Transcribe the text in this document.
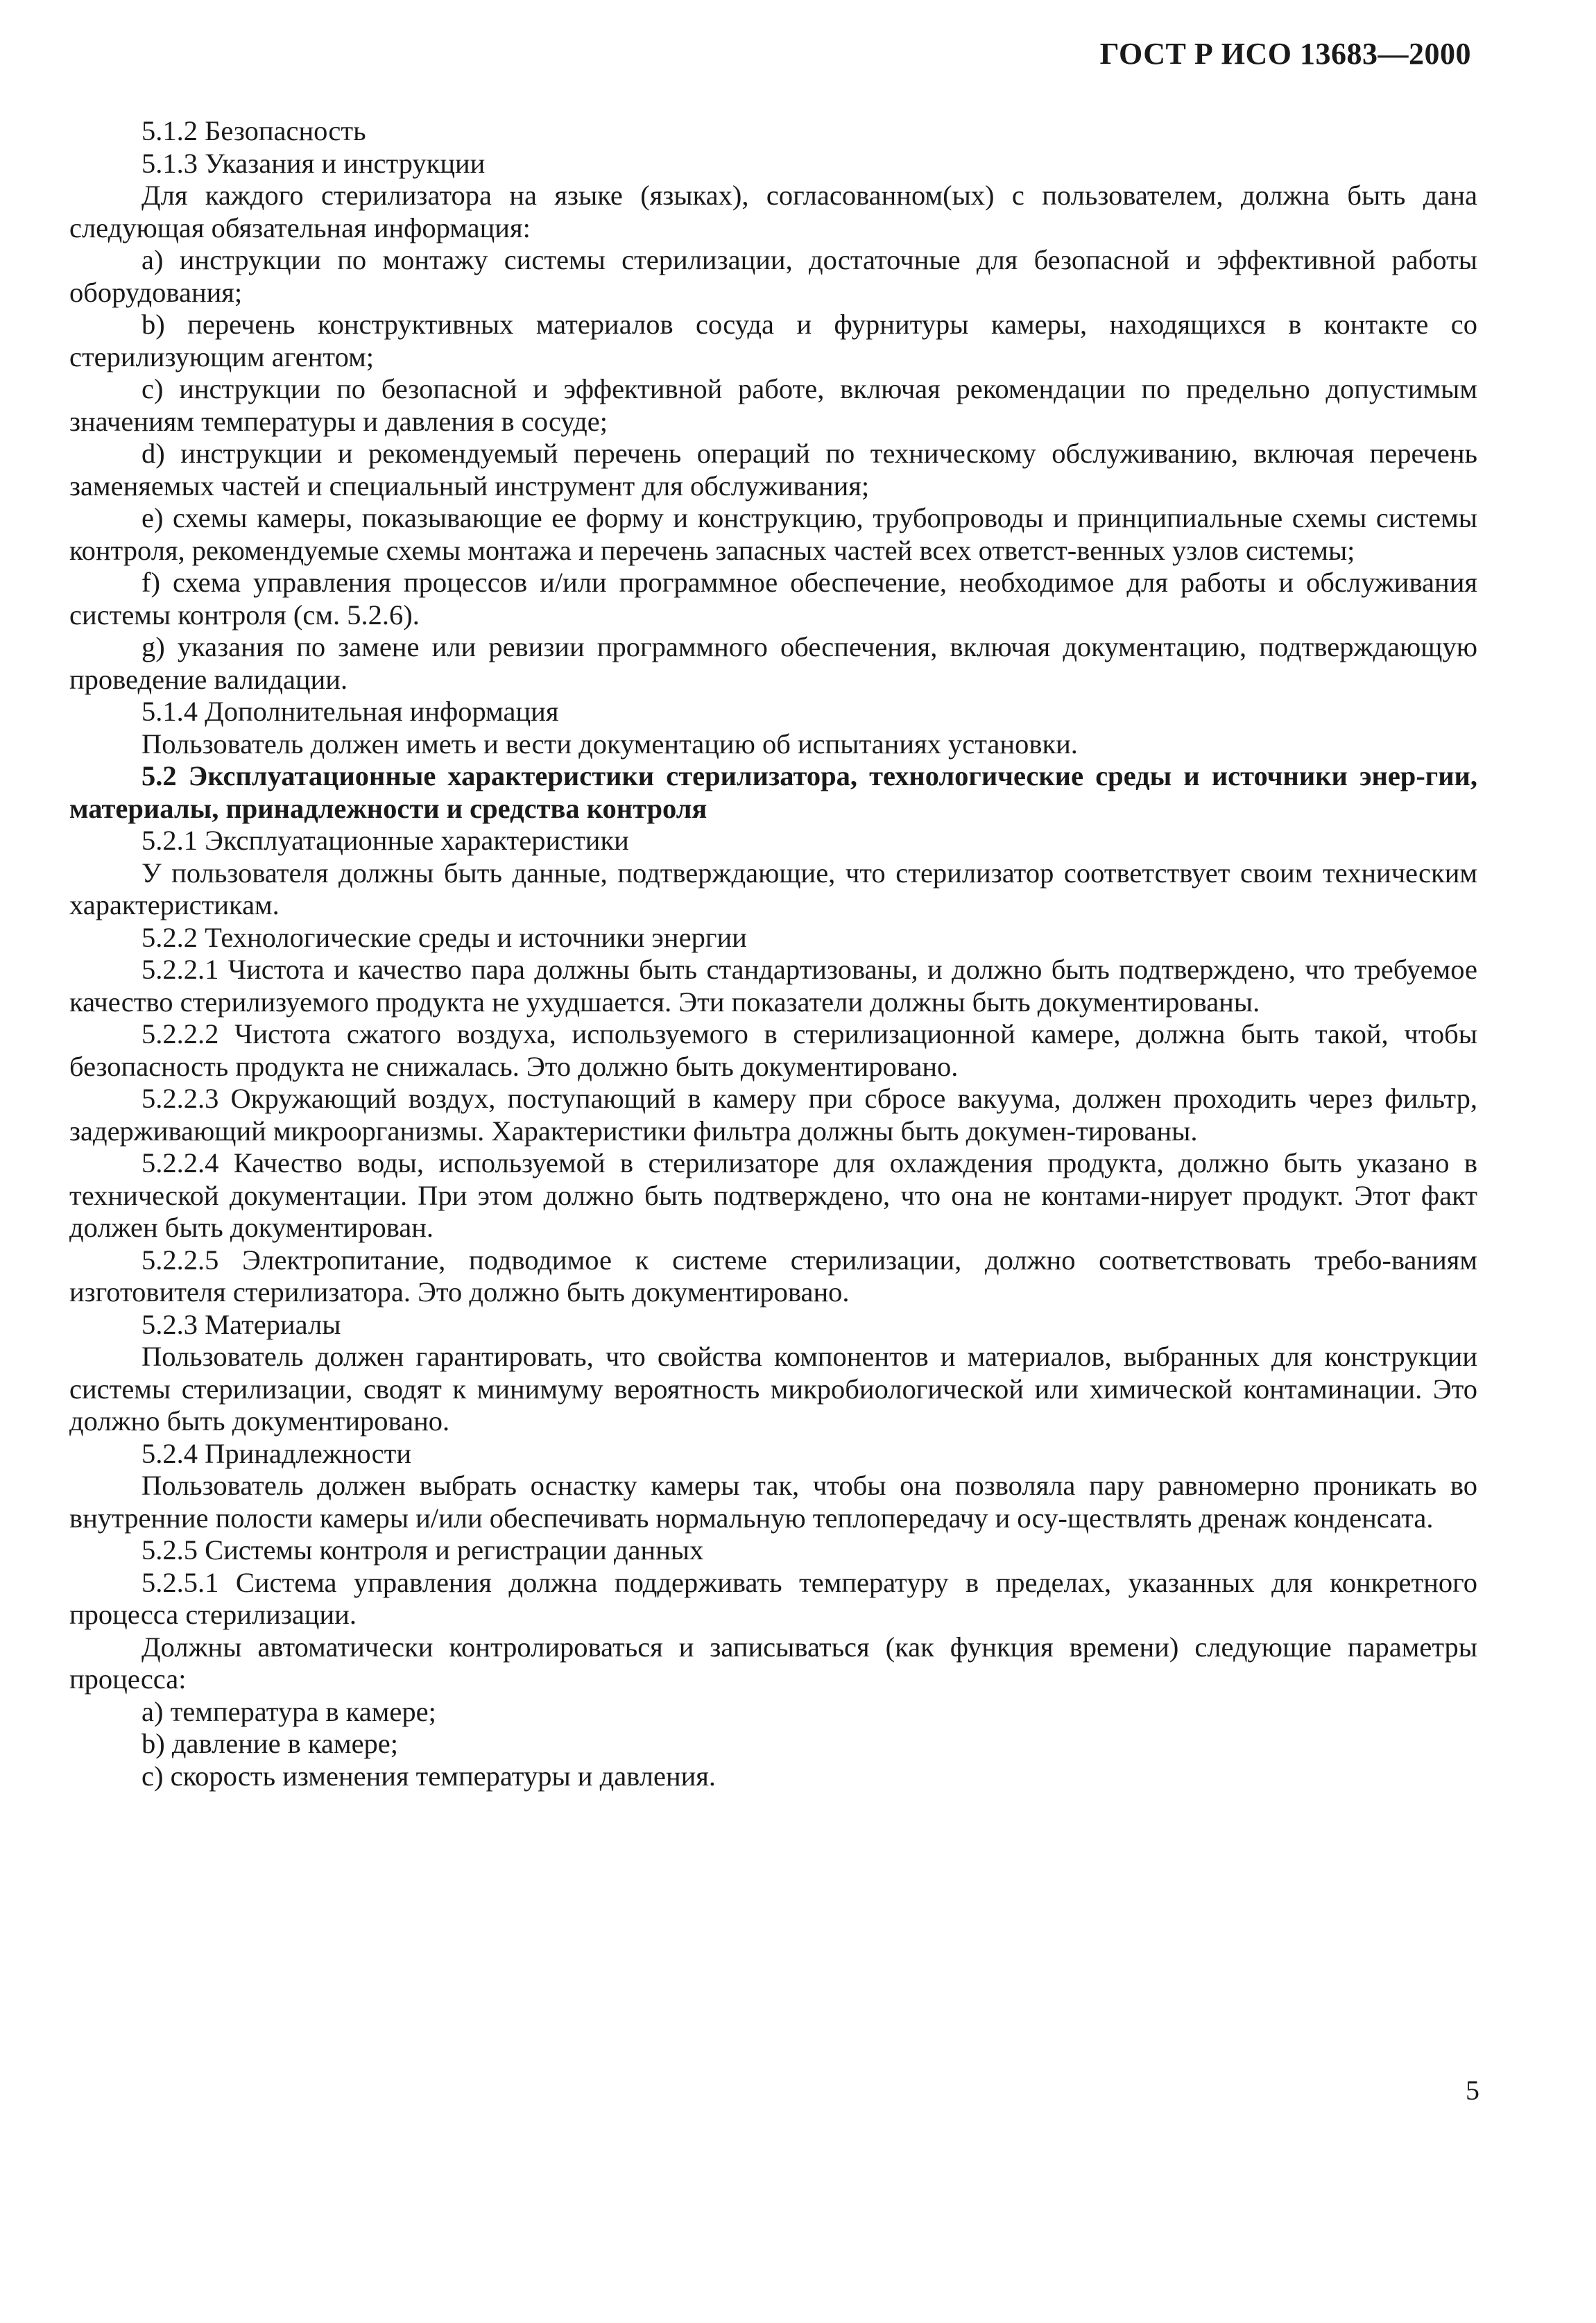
ГОСТ Р ИСО 13683—2000

5.1.2 Безопасность

5.1.3 Указания и инструкции

Для каждого стерилизатора на языке (языках), согласованном(ых) с пользователем, должна быть дана следующая обязательная информация:

а) инструкции по монтажу системы стерилизации, достаточные для безопасной и эффективной работы оборудования;

b) перечень конструктивных материалов сосуда и фурнитуры камеры, находящихся в контакте со стерилизующим агентом;

с) инструкции по безопасной и эффективной работе, включая рекомендации по предельно допустимым значениям температуры и давления в сосуде;

d) инструкции и рекомендуемый перечень операций по техническому обслуживанию, включая перечень заменяемых частей и специальный инструмент для обслуживания;

е) схемы камеры, показывающие ее форму и конструкцию, трубопроводы и принципиальные схемы системы контроля, рекомендуемые схемы монтажа и перечень запасных частей всех ответст-венных узлов системы;

f) схема управления процессов и/или программное обеспечение, необходимое для работы и обслуживания системы контроля (см. 5.2.6).

g) указания по замене или ревизии программного обеспечения, включая документацию, подтверждающую проведение валидации.

5.1.4 Дополнительная информация

Пользователь должен иметь и вести документацию об испытаниях установки.

5.2 Эксплуатационные характеристики стерилизатора, технологические среды и источники энер-гии, материалы, принадлежности и средства контроля

5.2.1 Эксплуатационные характеристики

У пользователя должны быть данные, подтверждающие, что стерилизатор соответствует своим техническим характеристикам.

5.2.2 Технологические среды и источники энергии

5.2.2.1 Чистота и качество пара должны быть стандартизованы, и должно быть подтверждено, что требуемое качество стерилизуемого продукта не ухудшается. Эти показатели должны быть документированы.

5.2.2.2 Чистота сжатого воздуха, используемого в стерилизационной камере, должна быть такой, чтобы безопасность продукта не снижалась. Это должно быть документировано.

5.2.2.3 Окружающий воздух, поступающий в камеру при сбросе вакуума, должен проходить через фильтр, задерживающий микроорганизмы. Характеристики фильтра должны быть докумен-тированы.

5.2.2.4 Качество воды, используемой в стерилизаторе для охлаждения продукта, должно быть указано в технической документации. При этом должно быть подтверждено, что она не контами-нирует продукт. Этот факт должен быть документирован.

5.2.2.5 Электропитание, подводимое к системе стерилизации, должно соответствовать требо-ваниям изготовителя стерилизатора. Это должно быть документировано.

5.2.3 Материалы

Пользователь должен гарантировать, что свойства компонентов и материалов, выбранных для конструкции системы стерилизации, сводят к минимуму вероятность микробиологической или химической контаминации. Это должно быть документировано.

5.2.4 Принадлежности

Пользователь должен выбрать оснастку камеры так, чтобы она позволяла пару равномерно проникать во внутренние полости камеры и/или обеспечивать нормальную теплопередачу и осу-ществлять дренаж конденсата.

5.2.5 Системы контроля и регистрации данных

5.2.5.1 Система управления должна поддерживать температуру в пределах, указанных для конкретного процесса стерилизации.

Должны автоматически контролироваться и записываться (как функция времени) следующие параметры процесса:

а) температура в камере;

b) давление в камере;

с) скорость изменения температуры и давления.

5
